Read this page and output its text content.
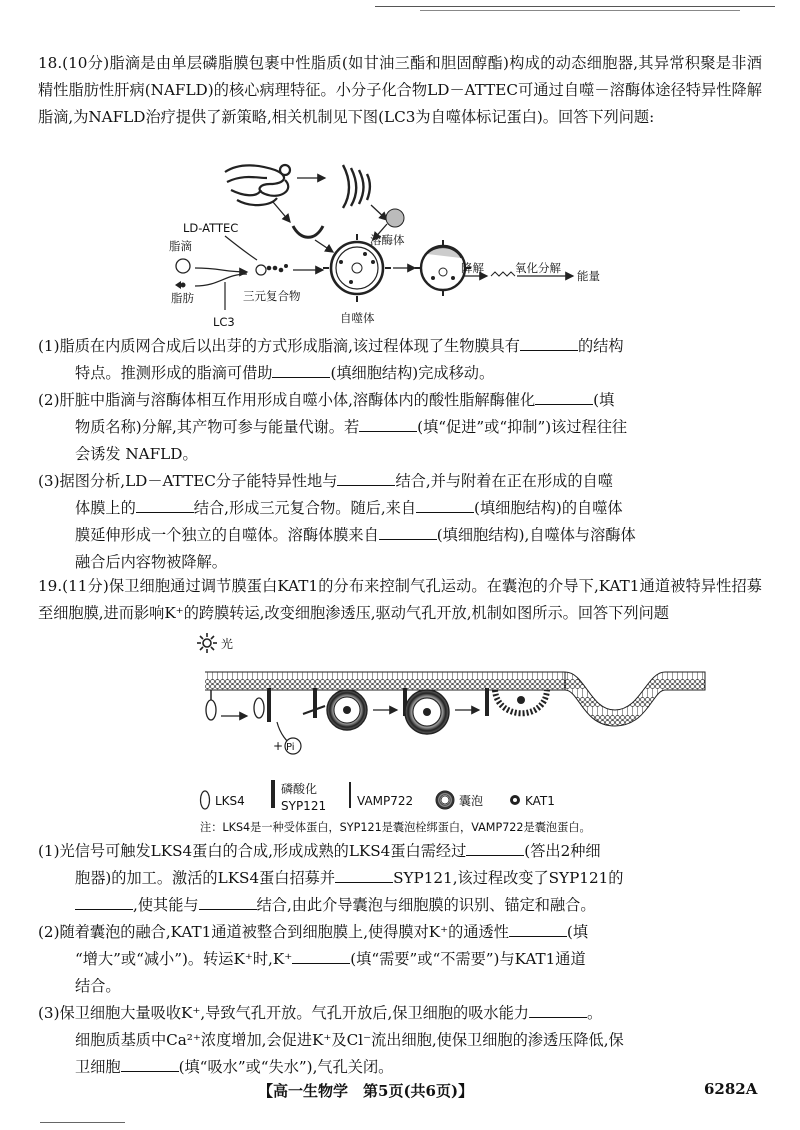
18.(10分)脂滴是由单层磷脂膜包裹中性脂质(如甘油三酯和胆固醇酯)构成的动态细胞器,其异常积聚是非酒精性脂肪性肝病(NAFLD)的核心病理特征。小分子化合物LD－ATTEC可通过自噬－溶酶体途径特异性降解脂滴,为NAFLD治疗提供了新策略,相关机制见下图(LC3为自噬体标记蛋白)。回答下列问题:

溶酶体
LD-ATTEC
脂滴
脂肪
LC3
三元复合物
自噬体
降解	氧化分解
能量

(1)脂质在内质网合成后以出芽的方式形成脂滴,该过程体现了生物膜具有	的结构

特点。推测形成的脂滴可借助	(填细胞结构)完成移动。

(2)肝脏中脂滴与溶酶体相互作用形成自噬小体,溶酶体内的酸性脂解酶催化	(填

物质名称)分解,其产物可参与能量代谢。若	(填“促进”或“抑制”)该过程往往

会诱发 NAFLD。

(3)据图分析,LD－ATTEC分子能特异性地与	结合,并与附着在正在形成的自噬

体膜上的	结合,形成三元复合物。随后,来自	(填细胞结构)的自噬体

膜延伸形成一个独立的自噬体。溶酶体膜来自	(填细胞结构),自噬体与溶酶体

融合后内容物被降解。

19.(11分)保卫细胞通过调节膜蛋白KAT1的分布来控制气孔运动。在囊泡的介导下,KAT1通道被特异性招募至细胞膜,进而影响K⁺的跨膜转运,改变细胞渗透压,驱动气孔开放,机制如图所示。回答下列问题

光
+ Pi
LKS4
磷酸化
SYP121	VAMP722	囊泡	KAT1
注：LKS4是一种受体蛋白，SYP121是囊泡栓绑蛋白，VAMP722是囊泡蛋白。

(1)光信号可触发LKS4蛋白的合成,形成成熟的LKS4蛋白需经过	(答出2种细

胞器)的加工。激活的LKS4蛋白招募并	SYP121,该过程改变了SYP121的

,使其能与	结合,由此介导囊泡与细胞膜的识别、锚定和融合。

(2)随着囊泡的融合,KAT1通道被整合到细胞膜上,使得膜对K⁺的通透性	(填

“增大”或“减小”)。转运K⁺时,K⁺	(填“需要”或“不需要”)与KAT1通道

结合。

(3)保卫细胞大量吸收K⁺,导致气孔开放。气孔开放后,保卫细胞的吸水能力	。

细胞质基质中Ca²⁺浓度增加,会促进K⁺及Cl⁻流出细胞,使保卫细胞的渗透压降低,保

卫细胞	(填“吸水”或“失水”),气孔关闭。

【高一生物学　第5页(共6页)】	6282A
